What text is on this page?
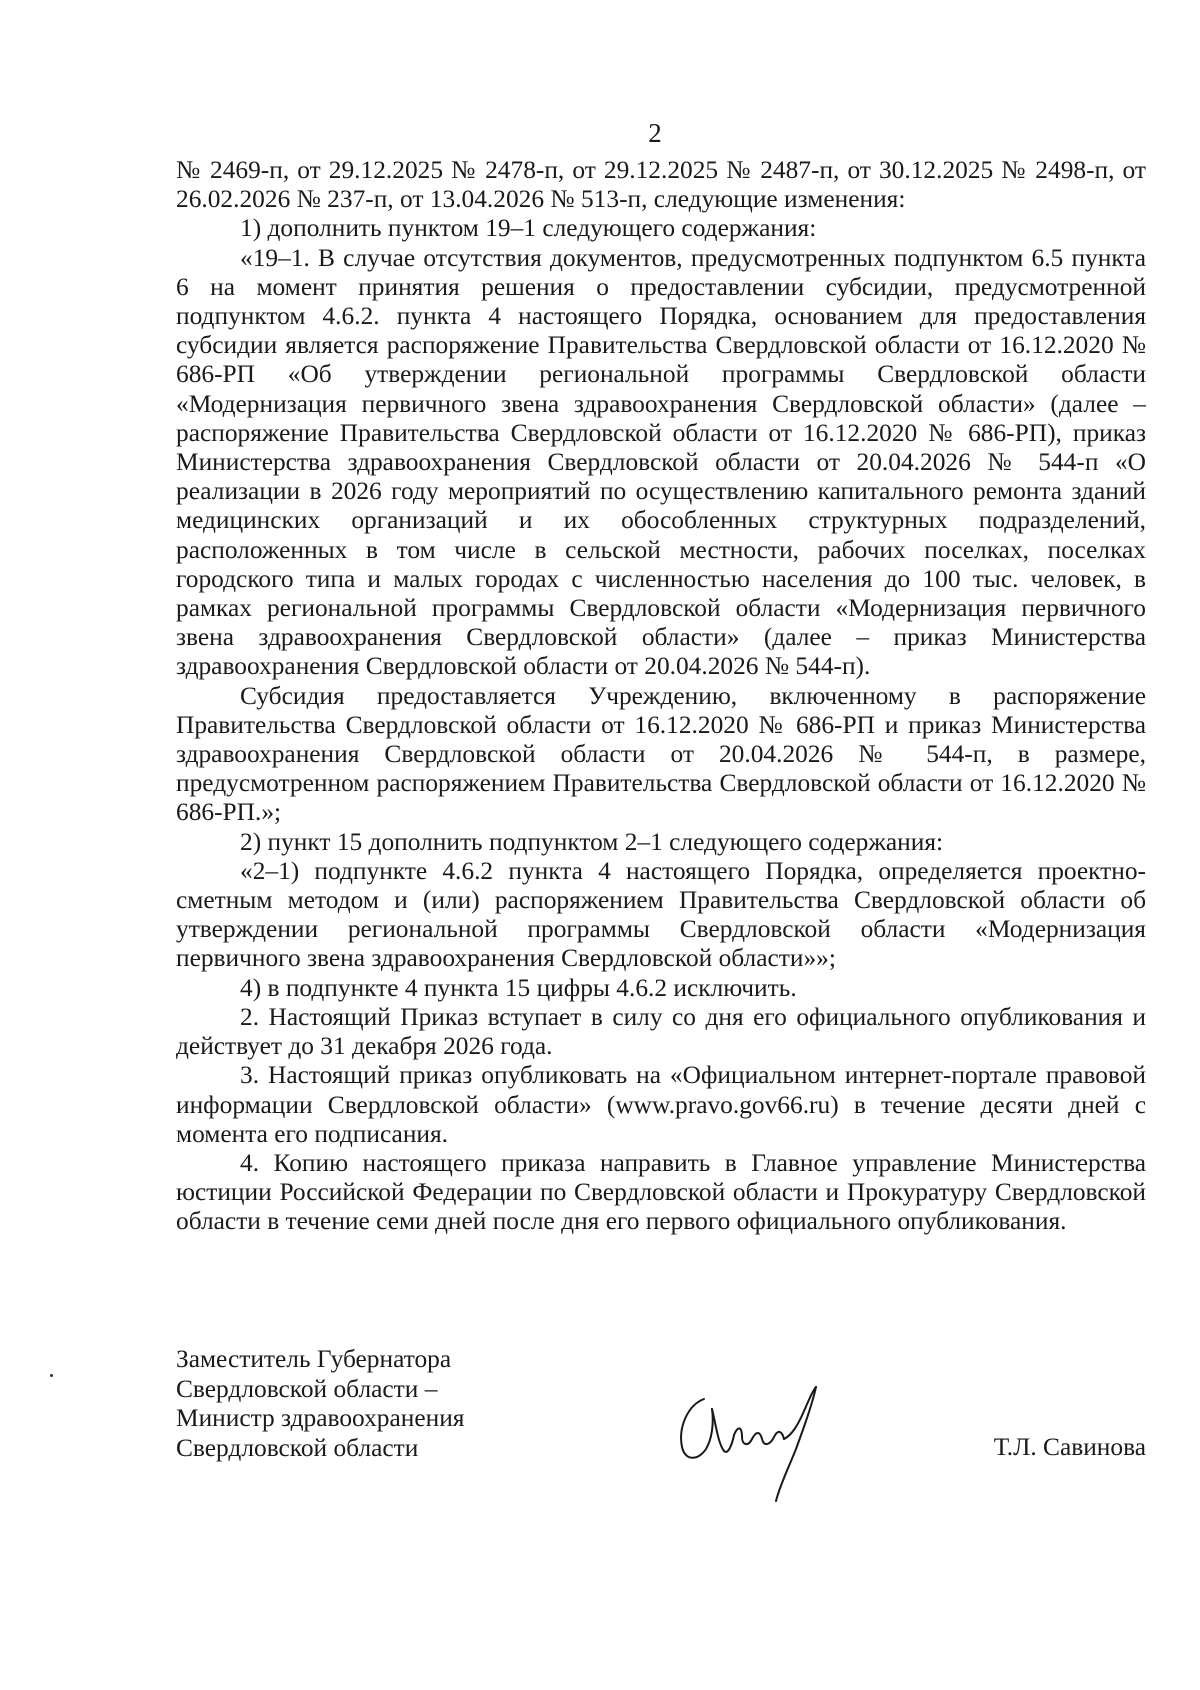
2

№ 2469-п, от 29.12.2025 № 2478-п, от 29.12.2025 № 2487-п, от 30.12.2025 № 2498-п, от 26.02.2026 № 237-п, от 13.04.2026 № 513-п, следующие изменения:

1) дополнить пунктом 19–1 следующего содержания:

«19–1. В случае отсутствия документов, предусмотренных подпунктом 6.5 пункта 6 на момент принятия решения о предоставлении субсидии, предусмотренной подпунктом 4.6.2. пункта 4 настоящего Порядка, основанием для предоставления субсидии является распоряжение Правительства Свердловской области от 16.12.2020 № 686-РП «Об утверждении региональной программы Свердловской области «Модернизация первичного звена здравоохранения Свердловской области» (далее – распоряжение Правительства Свердловской области от 16.12.2020 № 686-РП), приказ Министерства здравоохранения Свердловской области от 20.04.2026 № 544-п «О реализации в 2026 году мероприятий по осуществлению капитального ремонта зданий медицинских организаций и их обособленных структурных подразделений, расположенных в том числе в сельской местности, рабочих поселках, поселках городского типа и малых городах с численностью населения до 100 тыс. человек, в рамках региональной программы Свердловской области «Модернизация первичного звена здравоохранения Свердловской области» (далее – приказ Министерства здравоохранения Свердловской области от 20.04.2026 № 544-п).

Субсидия предоставляется Учреждению, включенному в распоряжение Правительства Свердловской области от 16.12.2020 № 686-РП и приказ Министерства здравоохранения Свердловской области от 20.04.2026 № 544-п, в размере, предусмотренном распоряжением Правительства Свердловской области от 16.12.2020 № 686-РП.»;

2) пункт 15 дополнить подпунктом 2–1 следующего содержания:

«2–1) подпункте 4.6.2 пункта 4 настоящего Порядка, определяется проектно-сметным методом и (или) распоряжением Правительства Свердловской области об утверждении региональной программы Свердловской области «Модернизация первичного звена здравоохранения Свердловской области»»;

4) в подпункте 4 пункта 15 цифры 4.6.2 исключить.

2. Настоящий Приказ вступает в силу со дня его официального опубликования и действует до 31 декабря 2026 года.

3. Настоящий приказ опубликовать на «Официальном интернет-портале правовой информации Свердловской области» (www.pravo.gov66.ru) в течение десяти дней с момента его подписания.

4. Копию настоящего приказа направить в Главное управление Министерства юстиции Российской Федерации по Свердловской области и Прокуратуру Свердловской области в течение семи дней после дня его первого официального опубликования.

Заместитель Губернатора
Свердловской области –
Министр здравоохранения
Свердловской области	Т.Л. Савинова
